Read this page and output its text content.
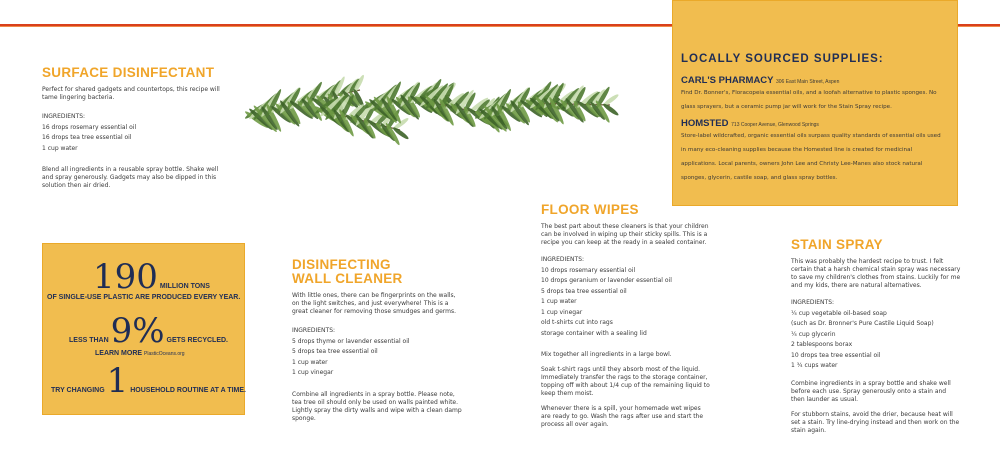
LOCALLY SOURCED SUPPLIES:
CARL'S PHARMACY 306 East Main Street, Aspen

Find Dr. Bonner's, Floracopeia essential oils, and a loofah alternative to plastic sponges. No glass sprayers, but a ceramic pump jar will work for the Stain Spray recipe.

HOMSTED 713 Cooper Avenue, Glenwood Springs

Store-label wildcrafted, organic essential oils surpass quality standards of essential oils used in many eco-cleaning supplies because the Homested line is created for medicinal applications. Local parents, owners John Lee and Christy Lee-Manes also stock natural sponges, glycerin, castile soap, and glass spray bottles.

SURFACE DISINFECTANT

Perfect for shared gadgets and countertops, this recipe will tame lingering bacteria.

INGREDIENTS:
16 drops rosemary essential oil
16 drops tea tree essential oil
1 cup water

Blend all ingredients in a reusable spray bottle. Shake well and spray generously. Gadgets may also be dipped in this solution then air dried.

190 MILLION TONS
OF SINGLE-USE PLASTIC ARE PRODUCED EVERY YEAR.
LESS THAN 9% GETS RECYCLED.
LEARN MORE PlasticOceans.org
TRY CHANGING 1 HOUSEHOLD ROUTINE AT A TIME.
DISINFECTING
WALL CLEANER

With little ones, there can be fingerprints on the walls, on the light switches, and just everywhere! This is a great cleaner for removing those smudges and germs.

INGREDIENTS:
5 drops thyme or lavender essential oil
5 drops tea tree essential oil
1 cup water
1 cup vinegar

Combine all ingredients in a spray bottle. Please note, tea tree oil should only be used on walls painted white. Lightly spray the dirty walls and wipe with a clean damp sponge.

FLOOR WIPES

The best part about these cleaners is that your children can be involved in wiping up their sticky spills. This is a recipe you can keep at the ready in a sealed container.

INGREDIENTS:
10 drops rosemary essential oil
10 drops geranium or lavender essential oil
5 drops tea tree essential oil
1 cup water
1 cup vinegar
old t-shirts cut into rags
storage container with a sealing lid

Mix together all ingredients in a large bowl.

Soak t-shirt rags until they absorb most of the liquid. Immediately transfer the rags to the storage container, topping off with about 1/4 cup of the remaining liquid to keep them moist.

Whenever there is a spill, your homemade wet wipes are ready to go. Wash the rags after use and start the process all over again.

STAIN SPRAY

This was probably the hardest recipe to trust. I felt certain that a harsh chemical stain spray was necessary to save my children's clothes from stains. Luckily for me and my kids, there are natural alternatives.

INGREDIENTS:
¼ cup vegetable oil-based soap
(such as Dr. Bronner's Pure Castile Liquid Soap)
¼ cup glycerin
2 tablespoons borax
10 drops tea tree essential oil
1 ¾ cups water

Combine ingredients in a spray bottle and shake well before each use. Spray generously onto a stain and then launder as usual.

For stubborn stains, avoid the drier, because heat will set a stain. Try line-drying instead and then work on the stain again.
